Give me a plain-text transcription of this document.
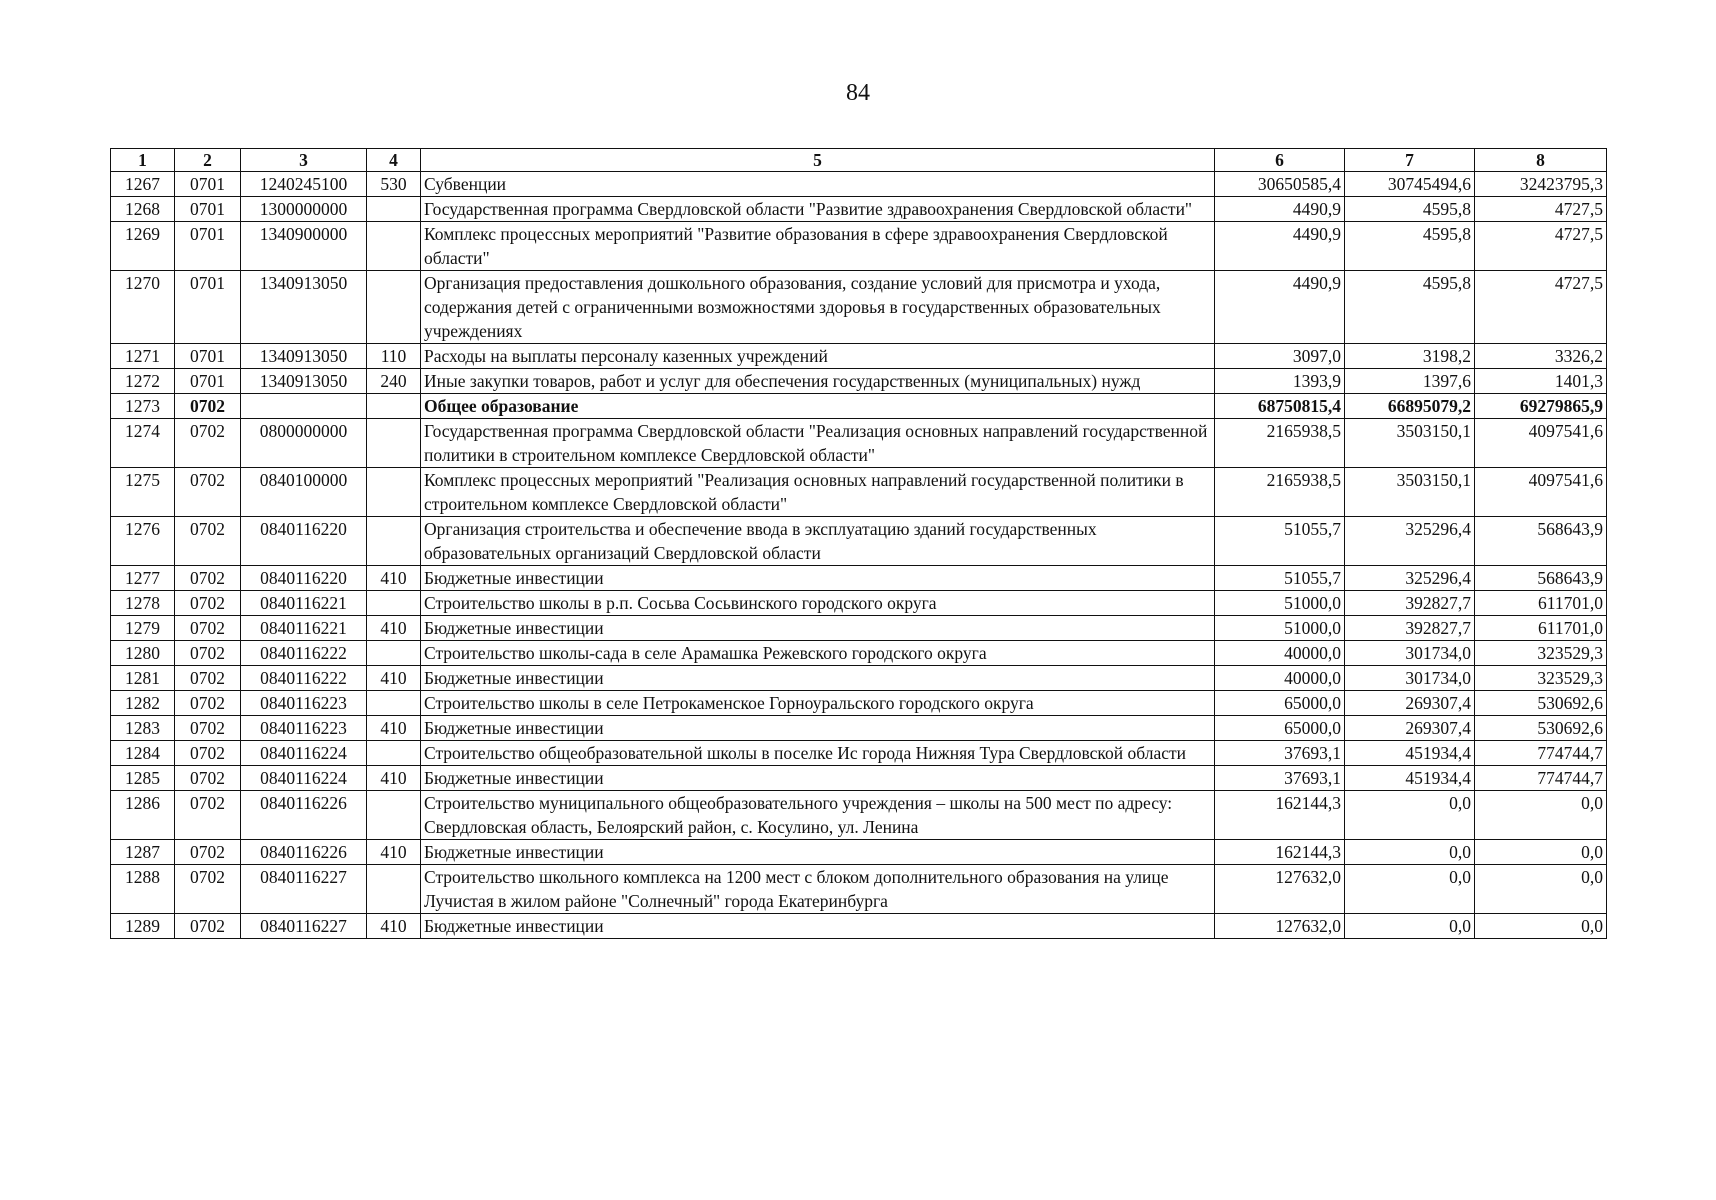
84
1	2	3	4	5	6	7	8
1267	0701	1240245100	530	Субвенции	30650585,4	30745494,6	32423795,3
1268	0701	1300000000		Государственная программа Свердловской области "Развитие здравоохранения Свердловской области"	4490,9	4595,8	4727,5
1269	0701	1340900000		Комплекс процессных мероприятий "Развитие образования в сфере здравоохранения Свердловской области"	4490,9	4595,8	4727,5
1270	0701	1340913050		Организация предоставления дошкольного образования, создание условий для присмотра и ухода, содержания детей с ограниченными возможностями здоровья в государственных образовательных учреждениях	4490,9	4595,8	4727,5
1271	0701	1340913050	110	Расходы на выплаты персоналу казенных учреждений	3097,0	3198,2	3326,2
1272	0701	1340913050	240	Иные закупки товаров, работ и услуг для обеспечения государственных (муниципальных) нужд	1393,9	1397,6	1401,3
1273	0702			Общее образование	68750815,4	66895079,2	69279865,9
1274	0702	0800000000		Государственная программа Свердловской области "Реализация основных направлений государственной политики в строительном комплексе Свердловской области"	2165938,5	3503150,1	4097541,6
1275	0702	0840100000		Комплекс процессных мероприятий "Реализация основных направлений государственной политики в строительном комплексе Свердловской области"	2165938,5	3503150,1	4097541,6
1276	0702	0840116220		Организация строительства и обеспечение ввода в эксплуатацию зданий государственных образовательных организаций Свердловской области	51055,7	325296,4	568643,9
1277	0702	0840116220	410	Бюджетные инвестиции	51055,7	325296,4	568643,9
1278	0702	0840116221		Строительство школы в р.п. Сосьва Сосьвинского городского округа	51000,0	392827,7	611701,0
1279	0702	0840116221	410	Бюджетные инвестиции	51000,0	392827,7	611701,0
1280	0702	0840116222		Строительство школы-сада в селе Арамашка Режевского городского округа	40000,0	301734,0	323529,3
1281	0702	0840116222	410	Бюджетные инвестиции	40000,0	301734,0	323529,3
1282	0702	0840116223		Строительство школы в селе Петрокаменское Горноуральского городского округа	65000,0	269307,4	530692,6
1283	0702	0840116223	410	Бюджетные инвестиции	65000,0	269307,4	530692,6
1284	0702	0840116224		Строительство общеобразовательной школы в поселке Ис города Нижняя Тура Свердловской области	37693,1	451934,4	774744,7
1285	0702	0840116224	410	Бюджетные инвестиции	37693,1	451934,4	774744,7
1286	0702	0840116226		Строительство муниципального общеобразовательного учреждения – школы на 500 мест по адресу: Свердловская область, Белоярский район, с. Косулино, ул. Ленина	162144,3	0,0	0,0
1287	0702	0840116226	410	Бюджетные инвестиции	162144,3	0,0	0,0
1288	0702	0840116227		Строительство школьного комплекса на 1200 мест с блоком дополнительного образования на улице Лучистая в жилом районе "Солнечный" города Екатеринбурга	127632,0	0,0	0,0
1289	0702	0840116227	410	Бюджетные инвестиции	127632,0	0,0	0,0
